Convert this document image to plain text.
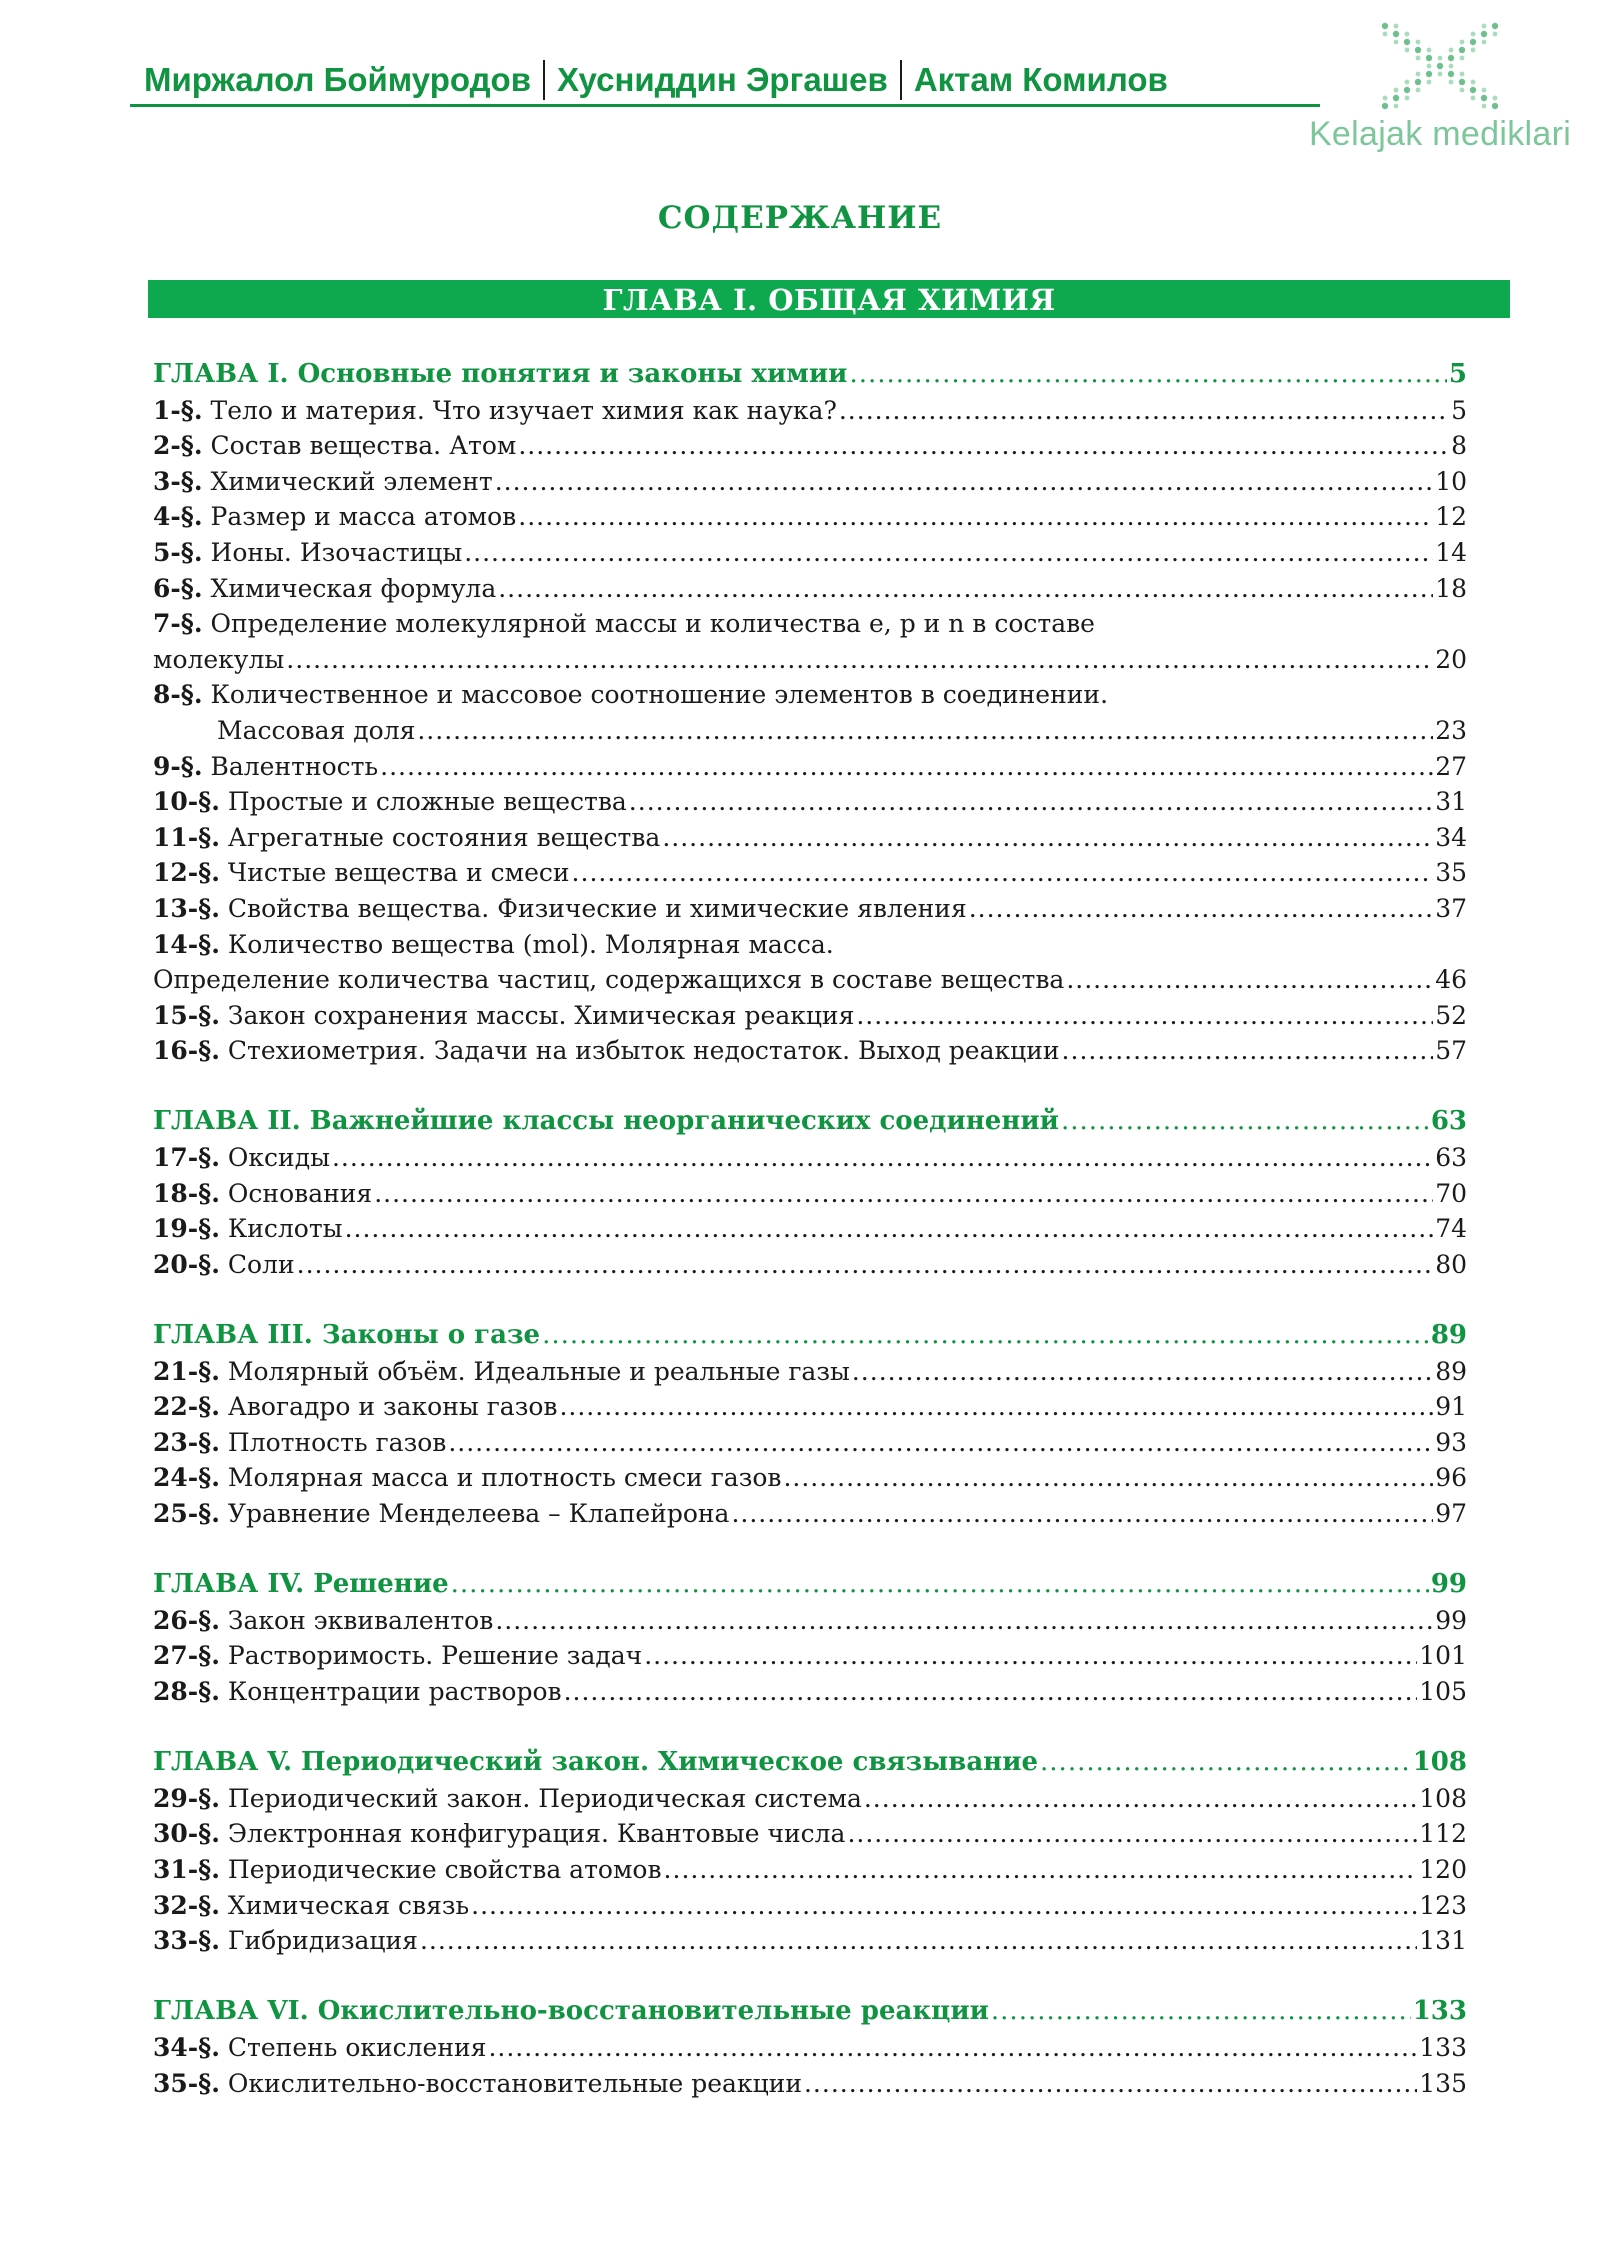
Миржалол Боймуродов Хусниддин Эргашев Актам Комилов
Kelajak mediklari
СОДЕРЖАНИЕ
ГЛАВА I. ОБЩАЯ ХИМИЯ
ГЛАВА I. Основные понятия и законы химии .....	5
1-§. Тело и материя. Что изучает химия как наука? .....	5
2-§. Состав вещества. Атом .....	8
3-§. Химический элемент .....	10
4-§. Размер и масса атомов .....	12
5-§. Ионы. Изочастицы .....	14
6-§. Химическая формула .....	18
7-§. Определение молекулярной массы и количества e, p и n в составе
молекулы .....	20
8-§. Количественное и массовое соотношение элементов в соединении.
Массовая доля .....	23
9-§. Валентность .....	27
10-§. Простые и сложные вещества .....	31
11-§. Агрегатные состояния вещества .....	34
12-§. Чистые вещества и смеси .....	35
13-§. Свойства вещества. Физические и химические явления .....	37
14-§. Количество вещества (mol). Молярная масса.
Определение количества частиц, содержащихся в составе вещества .....	46
15-§. Закон сохранения массы. Химическая реакция .....	52
16-§. Стехиометрия. Задачи на избыток недостаток. Выход реакции .....	57
ГЛАВА II. Важнейшие классы неорганических соединений .....	63
17-§. Оксиды .....	63
18-§. Основания .....	70
19-§. Кислоты .....	74
20-§. Соли .....	80
ГЛАВА III. Законы о газе .....	89
21-§. Молярный объём. Идеальные и реальные газы .....	89
22-§. Авогадро и законы газов .....	91
23-§. Плотность газов .....	93
24-§. Молярная масса и плотность смеси газов .....	96
25-§. Уравнение Менделеева – Клапейрона .....	97
ГЛАВА IV. Решение .....	99
26-§. Закон эквивалентов .....	99
27-§. Растворимость. Решение задач .....	101
28-§. Концентрации растворов .....	105
ГЛАВА V. Периодический закон. Химическое связывание .....	108
29-§. Периодический закон. Периодическая система .....	108
30-§. Электронная конфигурация. Квантовые числа .....	112
31-§. Периодические свойства атомов .....	120
32-§. Химическая связь .....	123
33-§. Гибридизация .....	131
ГЛАВА VI. Окислительно-восстановительные реакции .....	133
34-§. Степень окисления .....	133
35-§. Окислительно-восстановительные реакции .....	135
